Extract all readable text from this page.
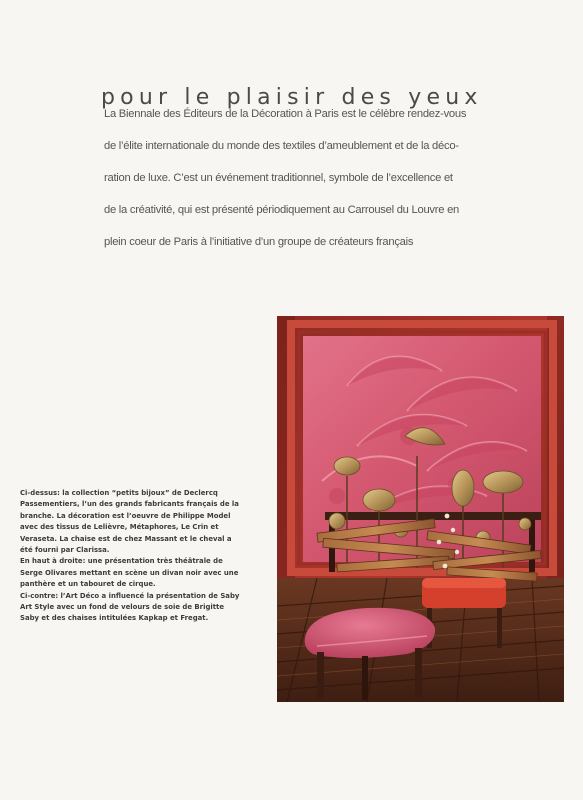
pour le plaisir des yeux
La Biennale des Éditeurs de la Décoration à Paris est le célèbre rendez-vous
de l’élite internationale du monde des textiles d’ameublement et de la déco-
ration de luxe. C’est un événement traditionnel, symbole de l’excellence et
de la créativité, qui est présenté périodiquement au Carrousel du Louvre en
plein coeur de Paris à l’initiative d’un groupe de créateurs français
Ci-dessus: la collection “petits bijoux” de Declercq
Passementiers, l’un des grands fabricants français de la
branche. La décoration est l’oeuvre de Philippe Model
avec des tissus de Lelièvre, Métaphores, Le Crin et
Veraseta. La chaise est de chez Massant et le cheval a
été fourni par Clarissa.
En haut à droite: une présentation très théâtrale de
Serge Olivares mettant en scène un divan noir avec une
panthère et un tabouret de cirque.
Ci-contre: l’Art Déco a influencé la présentation de Saby
Art Style avec un fond de velours de soie de Brigitte
Saby et des chaises intitulées Kapkap et Fregat.
